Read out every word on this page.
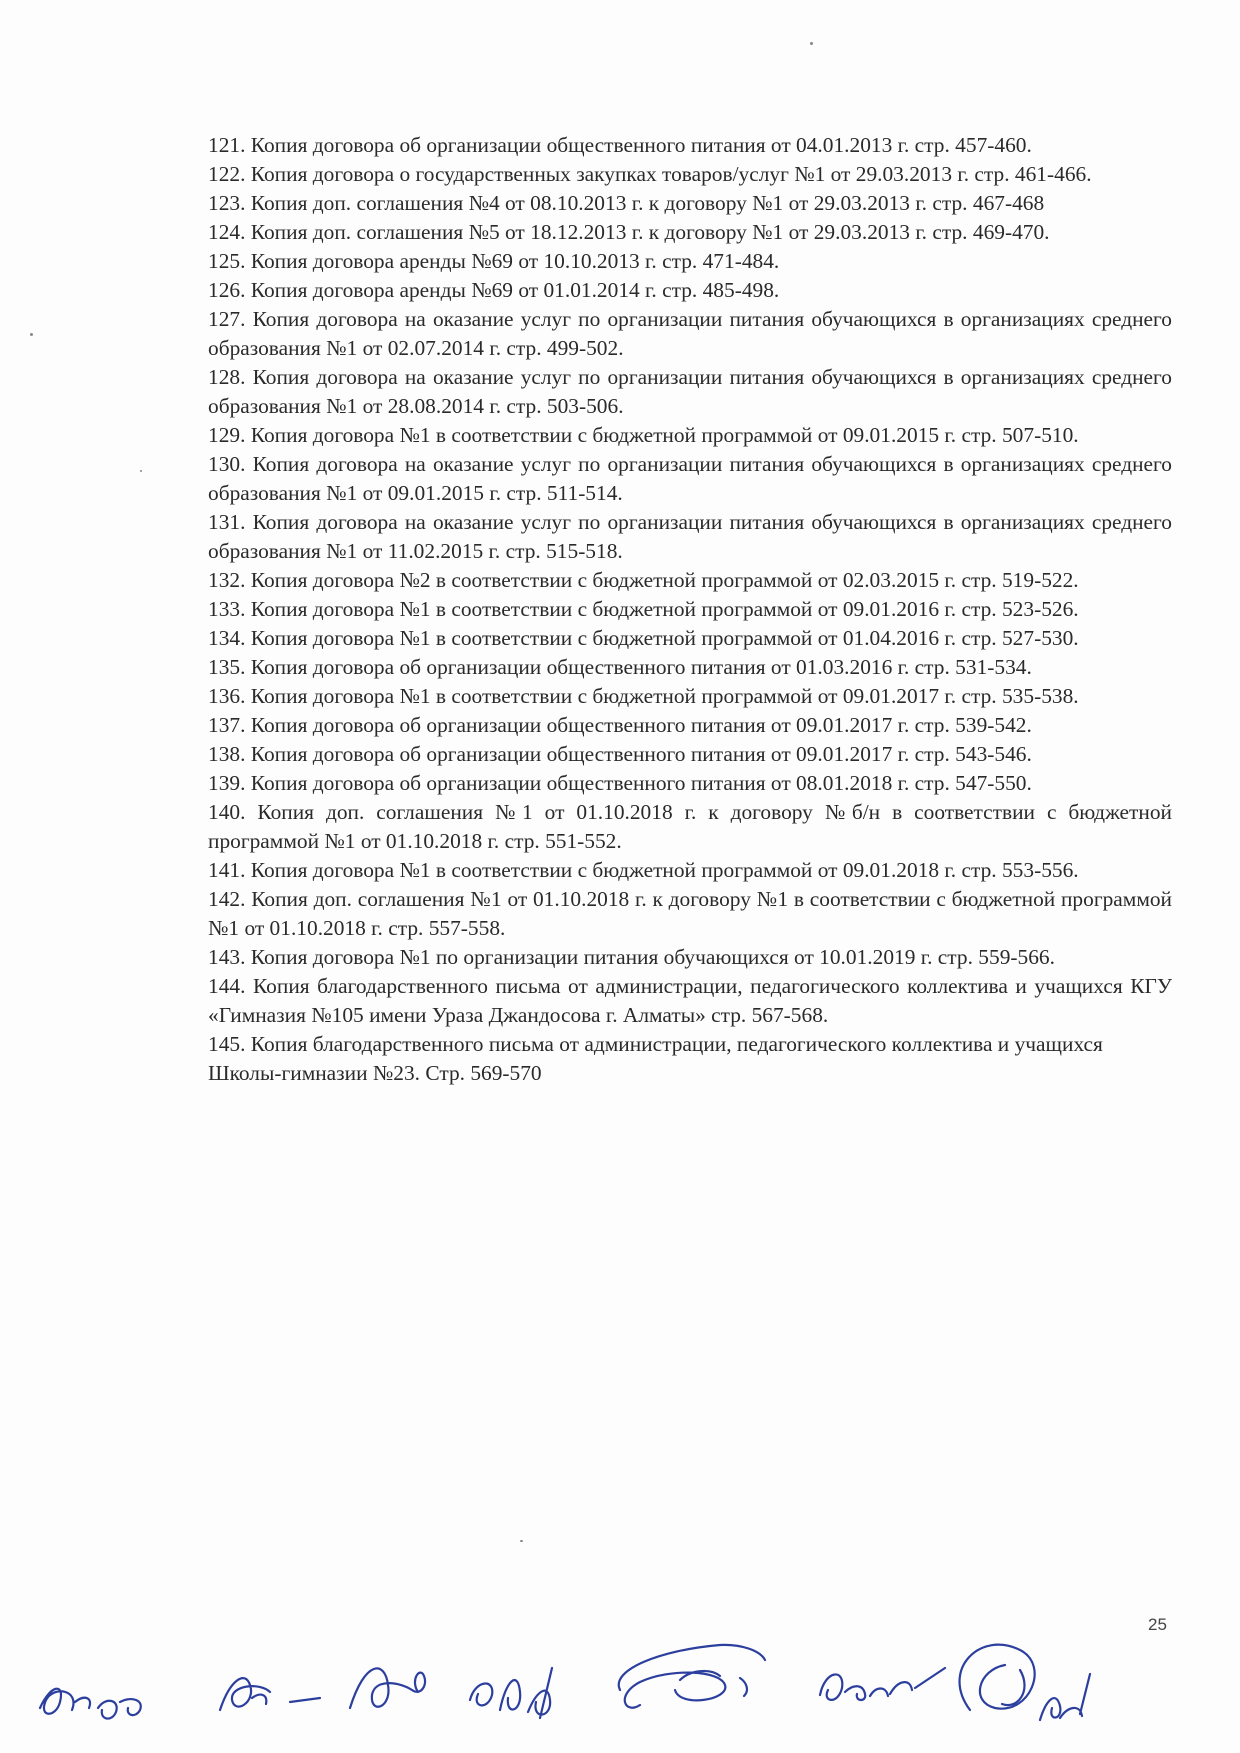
121. Копия договора об организации общественного питания от 04.01.2013 г. стр. 457-460.

122. Копия договора о государственных закупках товаров/услуг №1 от 29.03.2013 г. стр. 461-466.

123. Копия доп. соглашения №4 от 08.10.2013 г. к договору №1 от 29.03.2013 г. стр. 467-468

124. Копия доп. соглашения №5 от 18.12.2013 г. к договору №1 от 29.03.2013 г. стр. 469-470.

125. Копия договора аренды №69 от 10.10.2013 г. стр. 471-484.

126. Копия договора аренды №69 от 01.01.2014 г. стр. 485-498.

127. Копия договора на оказание услуг по организации питания обучающихся в организациях среднего образования №1 от 02.07.2014 г. стр. 499-502.

128. Копия договора на оказание услуг по организации питания обучающихся в организациях среднего образования №1 от 28.08.2014 г. стр. 503-506.

129. Копия договора №1 в соответствии с бюджетной программой от 09.01.2015 г. стр. 507-510.

130. Копия договора на оказание услуг по организации питания обучающихся в организациях среднего образования №1 от 09.01.2015 г. стр. 511-514.

131. Копия договора на оказание услуг по организации питания обучающихся в организациях среднего образования №1 от 11.02.2015 г. стр. 515-518.

132. Копия договора №2 в соответствии с бюджетной программой от 02.03.2015 г. стр. 519-522.

133. Копия договора №1 в соответствии с бюджетной программой от 09.01.2016 г. стр. 523-526.

134. Копия договора №1 в соответствии с бюджетной программой от 01.04.2016 г. стр. 527-530.

135. Копия договора об организации общественного питания от 01.03.2016 г. стр. 531-534.

136. Копия договора №1 в соответствии с бюджетной программой от 09.01.2017 г. стр. 535-538.

137. Копия договора об организации общественного питания от 09.01.2017 г. стр. 539-542.

138. Копия договора об организации общественного питания от 09.01.2017 г. стр. 543-546.

139. Копия договора об организации общественного питания от 08.01.2018 г. стр. 547-550.

140. Копия доп. соглашения №1 от 01.10.2018 г. к договору №б/н в соответствии с бюджетной программой №1 от 01.10.2018 г. стр. 551-552.

141. Копия договора №1 в соответствии с бюджетной программой от 09.01.2018 г. стр. 553-556.

142. Копия доп. соглашения №1 от 01.10.2018 г. к договору №1 в соответствии с бюджетной программой №1 от 01.10.2018 г. стр. 557-558.

143. Копия договора №1 по организации питания обучающихся от 10.01.2019 г. стр. 559-566.

144. Копия благодарственного письма от администрации, педагогического коллектива и учащихся КГУ «Гимназия №105 имени Ураза Джандосова г. Алматы» стр. 567-568.

145. Копия благодарственного письма от администрации, педагогического коллектива и учащихся

Школы-гимназии №23. Стр. 569-570

25
